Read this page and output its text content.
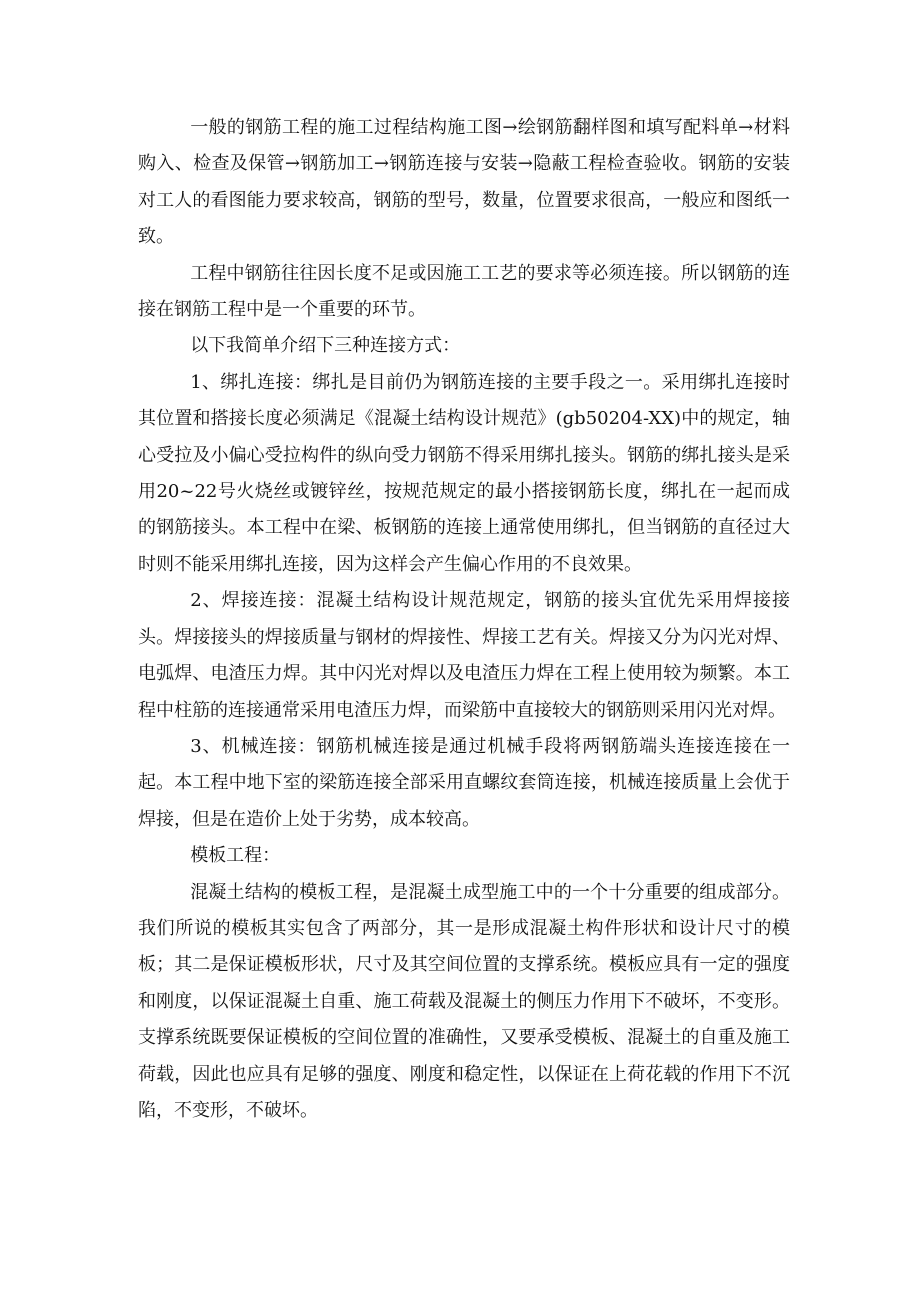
一般的钢筋工程的施工过程结构施工图→绘钢筋翻样图和填写配料单→材料购入、检查及保管→钢筋加工→钢筋连接与安装→隐蔽工程检查验收。钢筋的安装对工人的看图能力要求较高，钢筋的型号，数量，位置要求很高，一般应和图纸一致。

工程中钢筋往往因长度不足或因施工工艺的要求等必须连接。所以钢筋的连接在钢筋工程中是一个重要的环节。

以下我简单介绍下三种连接方式：

1、绑扎连接：绑扎是目前仍为钢筋连接的主要手段之一。采用绑扎连接时其位置和搭接长度必须满足《混凝土结构设计规范》(gb50204-XX)中的规定，轴心受拉及小偏心受拉构件的纵向受力钢筋不得采用绑扎接头。钢筋的绑扎接头是采用20~22号火烧丝或镀锌丝，按规范规定的最小搭接钢筋长度，绑扎在一起而成的钢筋接头。本工程中在梁、板钢筋的连接上通常使用绑扎，但当钢筋的直径过大时则不能采用绑扎连接，因为这样会产生偏心作用的不良效果。

2、焊接连接：混凝土结构设计规范规定，钢筋的接头宜优先采用焊接接头。焊接接头的焊接质量与钢材的焊接性、焊接工艺有关。焊接又分为闪光对焊、电弧焊、电渣压力焊。其中闪光对焊以及电渣压力焊在工程上使用较为频繁。本工程中柱筋的连接通常采用电渣压力焊，而梁筋中直接较大的钢筋则采用闪光对焊。

3、机械连接：钢筋机械连接是通过机械手段将两钢筋端头连接连接在一起。本工程中地下室的梁筋连接全部采用直螺纹套筒连接，机械连接质量上会优于焊接，但是在造价上处于劣势，成本较高。

模板工程：

混凝土结构的模板工程，是混凝土成型施工中的一个十分重要的组成部分。我们所说的模板其实包含了两部分，其一是形成混凝土构件形状和设计尺寸的模板；其二是保证模板形状，尺寸及其空间位置的支撑系统。模板应具有一定的强度和刚度，以保证混凝土自重、施工荷载及混凝土的侧压力作用下不破坏，不变形。支撑系统既要保证模板的空间位置的准确性，又要承受模板、混凝土的自重及施工荷载，因此也应具有足够的强度、刚度和稳定性，以保证在上荷花载的作用下不沉陷，不变形，不破坏。
